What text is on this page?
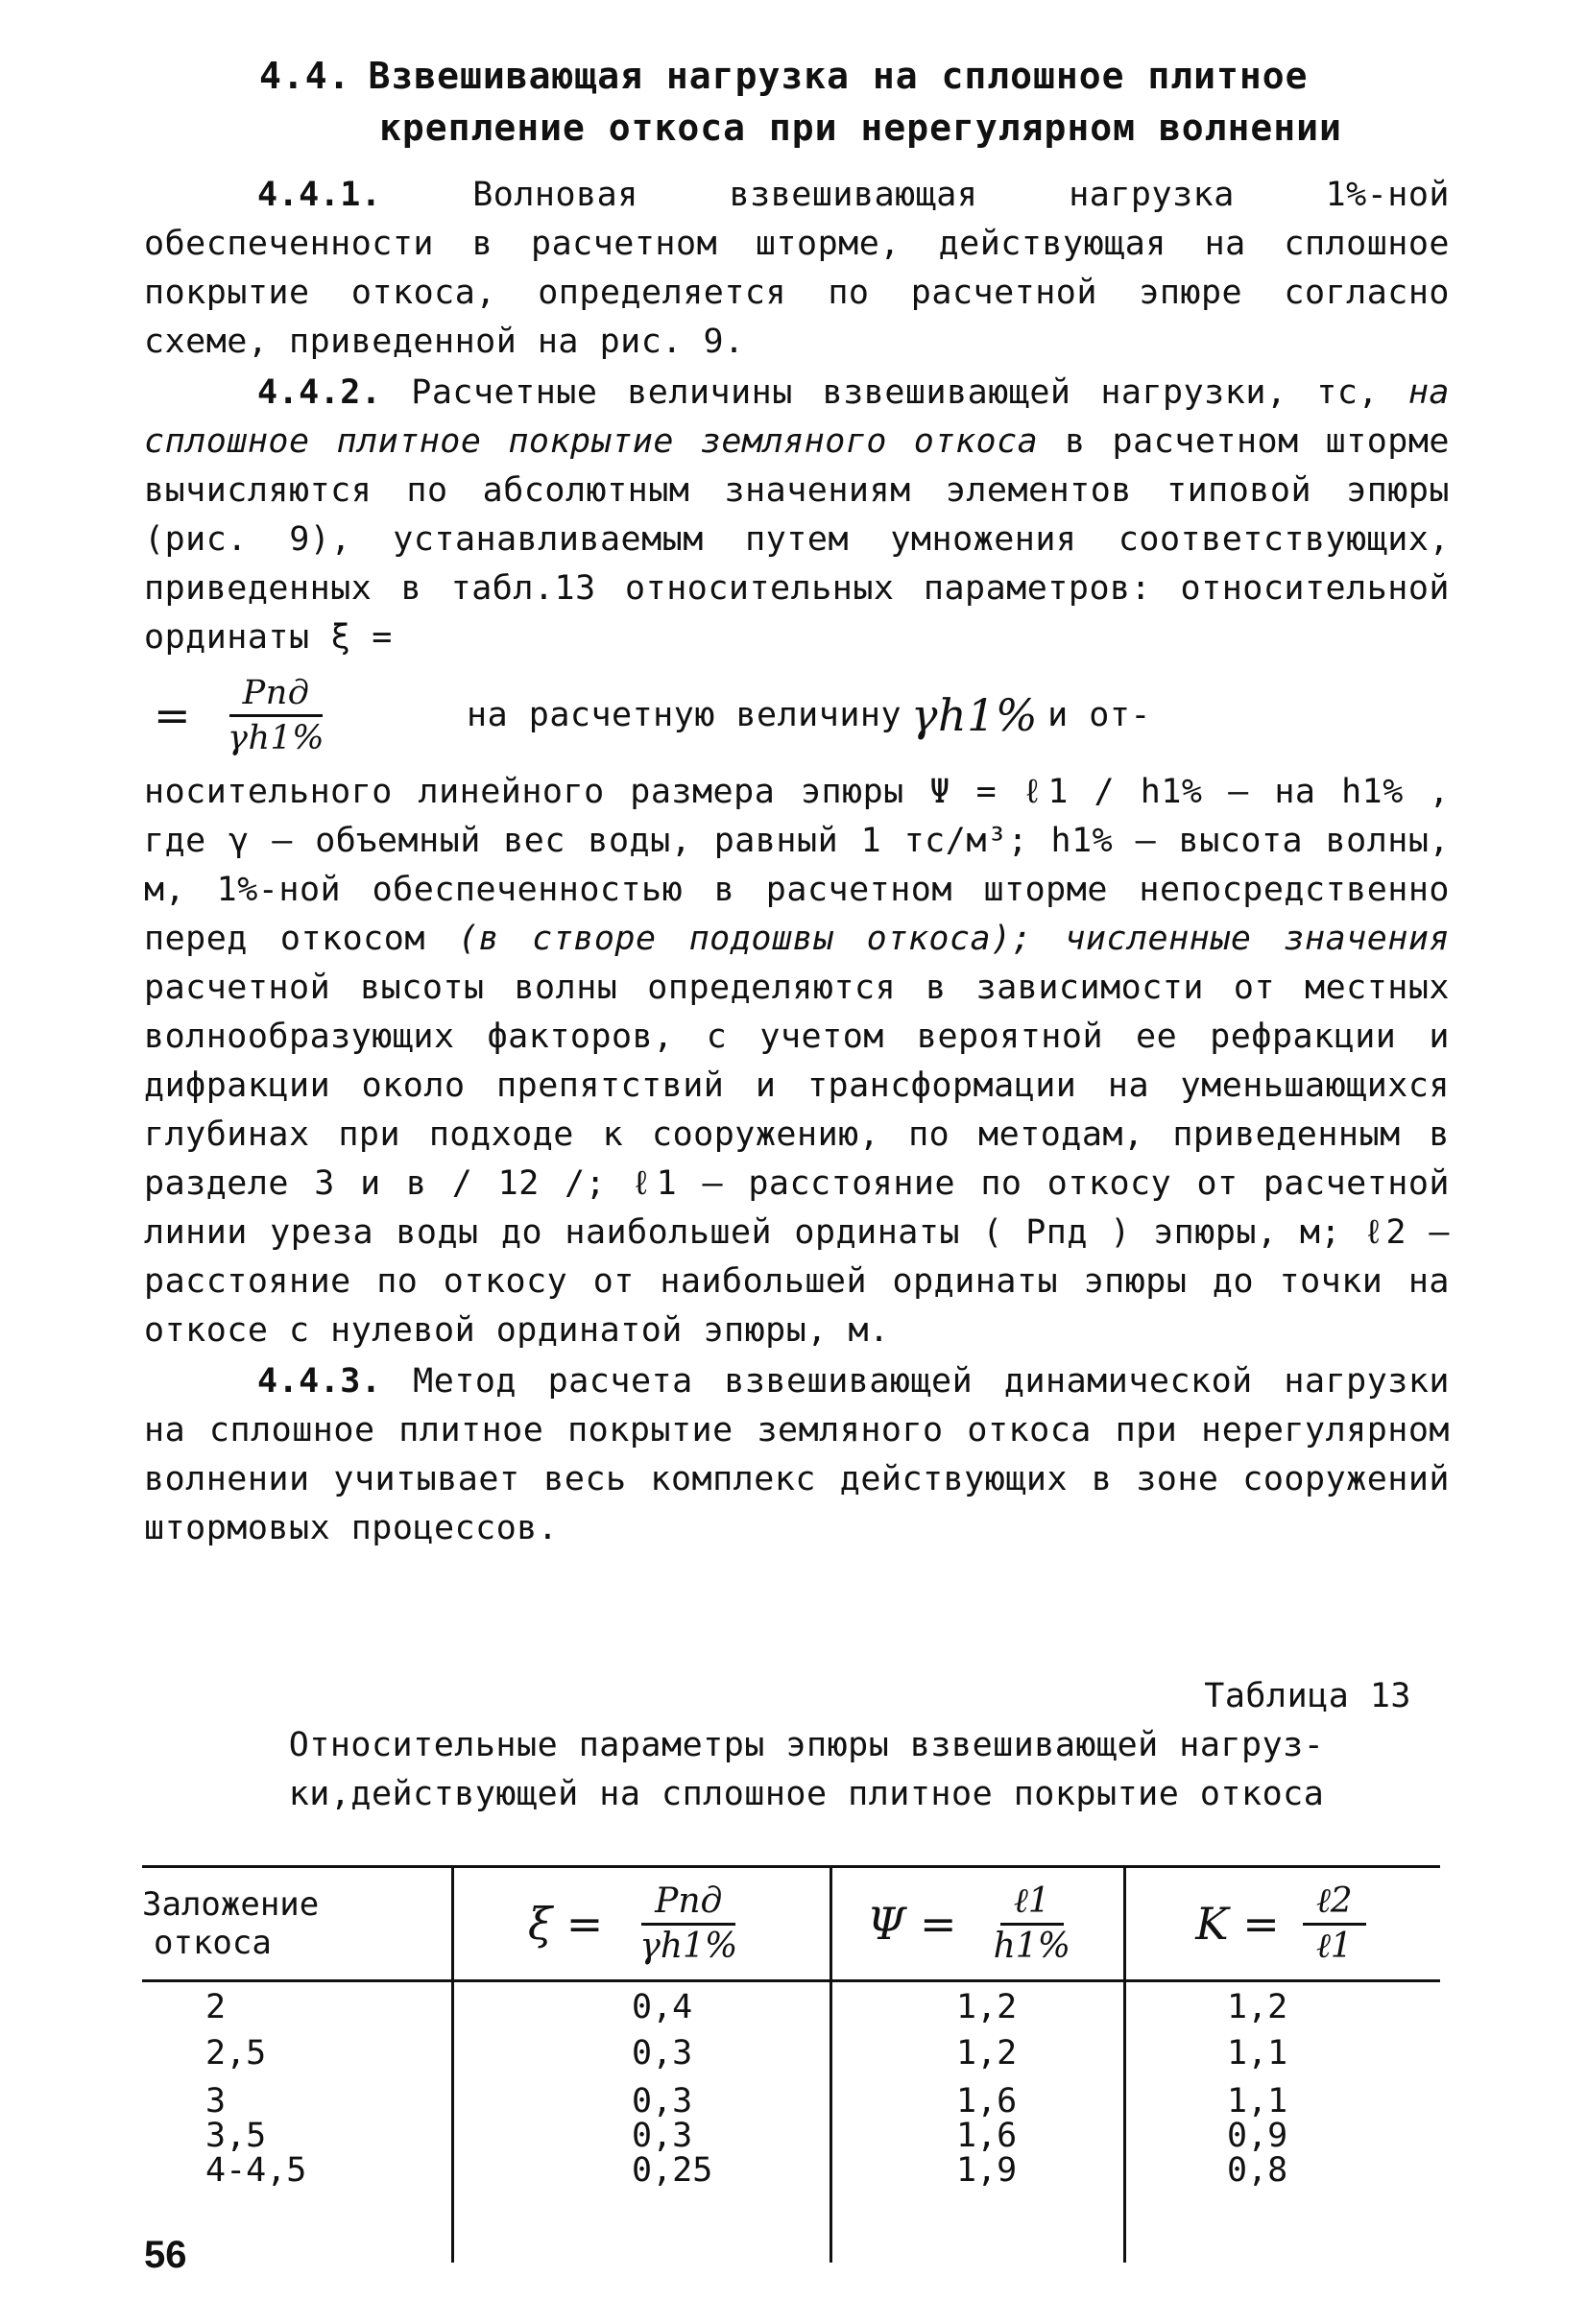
4.4. Взвешивающая нагрузка на сплошное плитное
крепление откоса при нерегулярном волнении

4.4.1.	Волновая взвешивающая нагрузка 1%-ной обеспеченности в расчетном шторме, действующая на сплошное покрытие откоса, определяется по расчетной эпюре согласно схеме, приведенной на рис. 9.

4.4.2. Расчетные величины взвешивающей нагрузки, тс, на сплошное плитное покрытие земляного откоса в расчетном шторме вычисляются по абсолютным значениям элементов типовой эпюры (рис. 9), устанавливаемым путем умножения соответствующих, приведенных в табл.13 относительных параметров: относительной ординаты ξ =

= $\frac{\text{Pпд}}{\gamma h1\%}$	на расчетную величину γh1% и от-

носительного линейного размера эпюры Ψ = ℓ1 / h1% – на h1% , где γ – объемный вес воды, равный 1 тс/м³; h1% – высота волны, м, 1%-ной обеспеченностью в расчетном шторме непосредственно перед откосом (в створе подошвы откоса); численные значения расчетной высоты волны определяются в зависимости от местных волнообразующих факторов, с учетом вероятной ее рефракции и дифракции около препятствий и трансформации на уменьшающихся глубинах при подходе к сооружению, по методам, приведенным в разделе 3 и в / 12 /; ℓ1 – расстояние по откосу от расчетной линии уреза воды до наибольшей ординаты ( Pпд ) эпюры, м; ℓ2 – расстояние по откосу от наибольшей ординаты эпюры до точки на откосе с нулевой ординатой эпюры, м.

4.4.3. Метод расчета взвешивающей динамической нагрузки на сплошное плитное покрытие земляного откоса при нерегулярном волнении учитывает весь комплекс действующих в зоне сооружений штормовых процессов.

Таблица 13
Относительные параметры эпюры взвешивающей нагруз-
ки,действующей на сплошное плитное покрытие откоса
Заложение
откоса	$\xi = \frac{\text{Pпд}}{\gamma h1\%}$	$\Psi = \frac{\text{ℓ1}}{h1\%}$	$K = \frac{\text{ℓ2}}{\text{ℓ1}}$
2	0,4	1,2	1,2
2,5	0,3	1,2	1,1
3	0,3	1,6	1,1
3,5	0,3	1,6	0,9
4-4,5	0,25	1,9	0,8
56
